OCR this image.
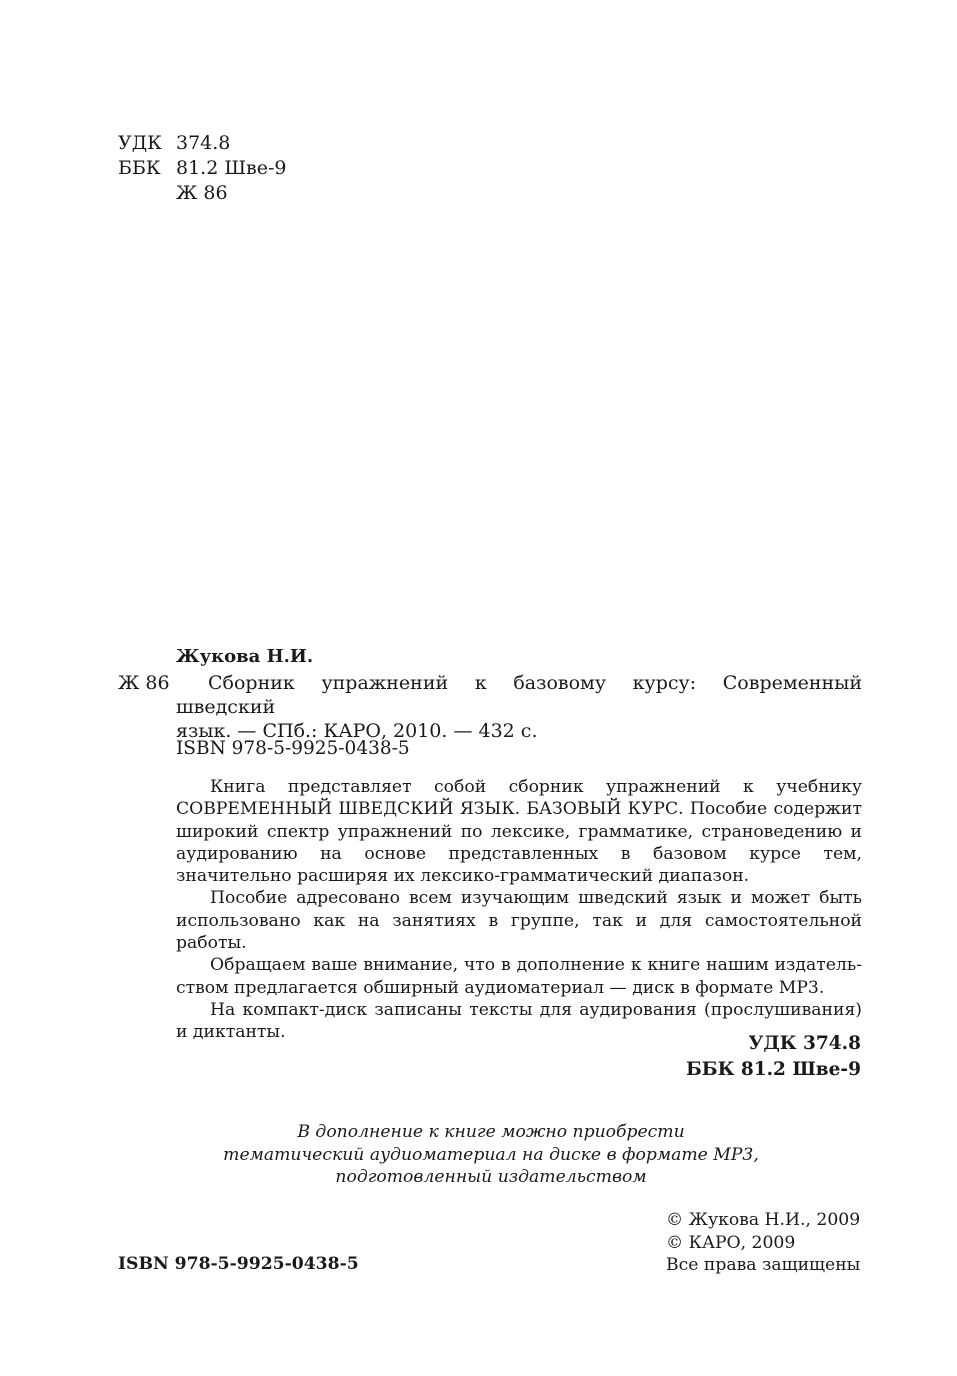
УДК 374.8
ББК 81.2 Шве-9
Ж 86
Жукова Н.И.
Ж 86	Сборник упражнений к базовому курсу: Современный шведский
язык. — СПб.: КАРО, 2010. — 432 с.
ISBN 978-5-9925-0438-5

Книга представляет собой сборник упражнений к учебнику СОВРЕМЕННЫЙ ШВЕДСКИЙ ЯЗЫК. БАЗОВЫЙ КУРС. Пособие содержит широкий спектр упражнений по лексике, грамматике, страноведению и аудированию на основе представленных в базовом курсе тем, значительно расширяя их лексико-грамматический диапазон.

Пособие адресовано всем изучающим шведский язык и может быть использовано как на занятиях в группе, так и для самостоятельной работы.

Обращаем ваше внимание, что в дополнение к книге нашим издательством предлагается обширный аудиоматериал — диск в формате МР3.

На компакт-диск записаны тексты для аудирования (прослушивания) и диктанты.

УДК 374.8
ББК 81.2 Шве-9
В дополнение к книге можно приобрести
тематический аудиоматериал на диске в формате МР3,
подготовленный издательством
© Жукова Н.И., 2009
© КАРО, 2009
Все права защищены
ISBN 978-5-9925-0438-5
